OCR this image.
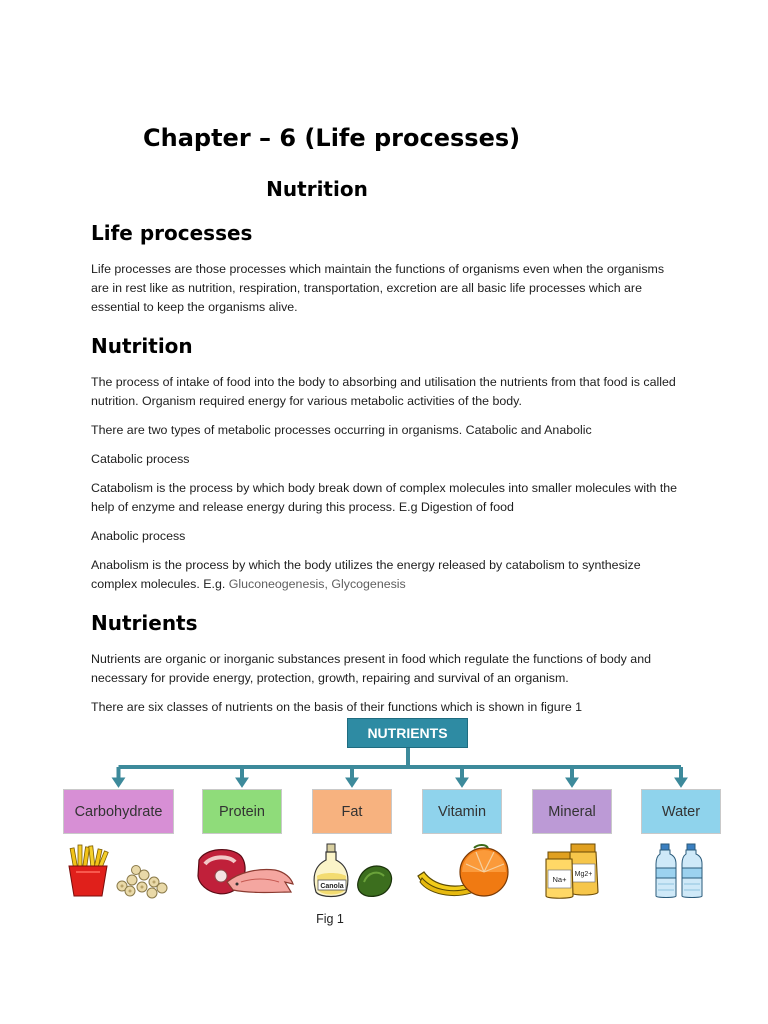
Chapter – 6 (Life processes)
Nutrition
Life processes

Life processes are those processes which maintain the functions of organisms even when the organisms are in rest like as nutrition, respiration, transportation, excretion are all basic life processes which are essential to keep the organisms alive.

Nutrition

The process of intake of food into the body to absorbing and utilisation the nutrients from that food is called nutrition. Organism required energy for various metabolic activities of the body.

There are two types of metabolic processes occurring in organisms. Catabolic and Anabolic

Catabolic process

Catabolism is the process by which body break down of complex molecules into smaller molecules with the help of enzyme and release energy during this process. E.g Digestion of food

Anabolic process

Anabolism is the process by which the body utilizes the energy released by catabolism to synthesize complex molecules. E.g. Gluconeogenesis, Glycogenesis

Nutrients

Nutrients are organic or inorganic substances present in food which regulate the functions of body and necessary for provide energy, protection, growth, repairing and survival of an organism.

There are six classes of nutrients on the basis of their functions which is shown in figure 1

NUTRIENTS
Carbohydrate	Protein	Fat	Vitamin	Mineral	Water
Canola
Mg2+
Na+
Fig 1
